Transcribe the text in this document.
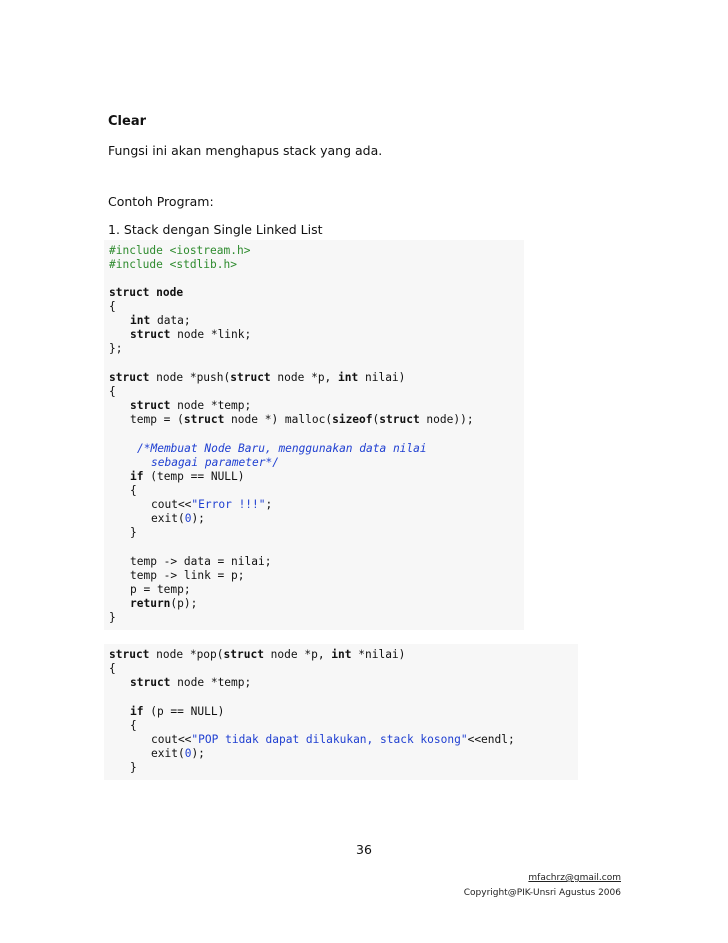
Clear
Fungsi ini akan menghapus stack yang ada.
Contoh Program:
1. Stack dengan Single Linked List
#include <iostream.h>
#include <stdlib.h>
struct node
{
int data;
struct node *link;
};
struct node *push(struct node *p, int nilai)
{
struct node *temp;
temp = (struct node *) malloc(sizeof(struct node));
/*Membuat Node Baru, menggunakan data nilai
sebagai parameter*/
if (temp == NULL)
{
cout<<"Error !!!";
exit(0);
}
temp -> data = nilai;
temp -> link = p;
p = temp;
return(p);
}
struct node *pop(struct node *p, int *nilai)
{
struct node *temp;
if (p == NULL)
{
cout<<"POP tidak dapat dilakukan, stack kosong"<<endl;
exit(0);
}
36
mfachrz@gmail.com
Copyright@PIK-Unsri Agustus 2006
